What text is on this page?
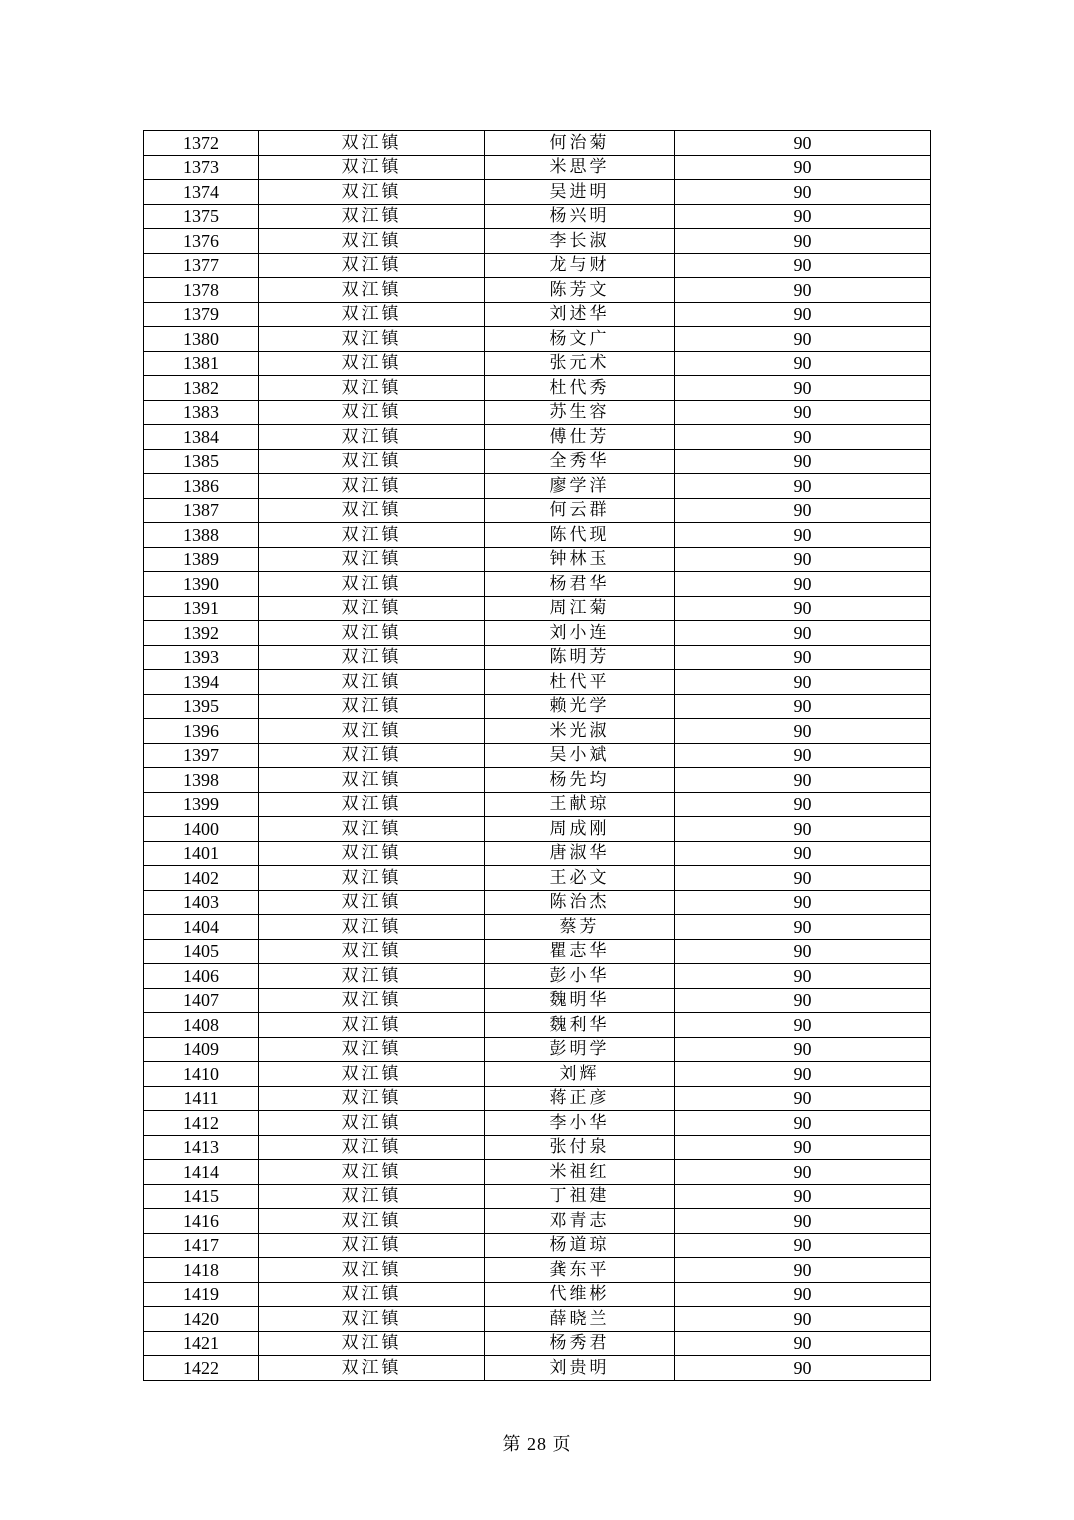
1372	双江镇	何治菊	90
1373	双江镇	米思学	90
1374	双江镇	吴进明	90
1375	双江镇	杨兴明	90
1376	双江镇	李长淑	90
1377	双江镇	龙与财	90
1378	双江镇	陈芳文	90
1379	双江镇	刘述华	90
1380	双江镇	杨文广	90
1381	双江镇	张元术	90
1382	双江镇	杜代秀	90
1383	双江镇	苏生容	90
1384	双江镇	傅仕芳	90
1385	双江镇	全秀华	90
1386	双江镇	廖学洋	90
1387	双江镇	何云群	90
1388	双江镇	陈代现	90
1389	双江镇	钟林玉	90
1390	双江镇	杨君华	90
1391	双江镇	周江菊	90
1392	双江镇	刘小连	90
1393	双江镇	陈明芳	90
1394	双江镇	杜代平	90
1395	双江镇	赖光学	90
1396	双江镇	米光淑	90
1397	双江镇	吴小斌	90
1398	双江镇	杨先均	90
1399	双江镇	王献琼	90
1400	双江镇	周成刚	90
1401	双江镇	唐淑华	90
1402	双江镇	王必文	90
1403	双江镇	陈治杰	90
1404	双江镇	蔡芳	90
1405	双江镇	瞿志华	90
1406	双江镇	彭小华	90
1407	双江镇	魏明华	90
1408	双江镇	魏利华	90
1409	双江镇	彭明学	90
1410	双江镇	刘辉	90
1411	双江镇	蒋正彦	90
1412	双江镇	李小华	90
1413	双江镇	张付泉	90
1414	双江镇	米祖红	90
1415	双江镇	丁祖建	90
1416	双江镇	邓青志	90
1417	双江镇	杨道琼	90
1418	双江镇	龚东平	90
1419	双江镇	代维彬	90
1420	双江镇	薛晓兰	90
1421	双江镇	杨秀君	90
1422	双江镇	刘贵明	90
第 28 页
